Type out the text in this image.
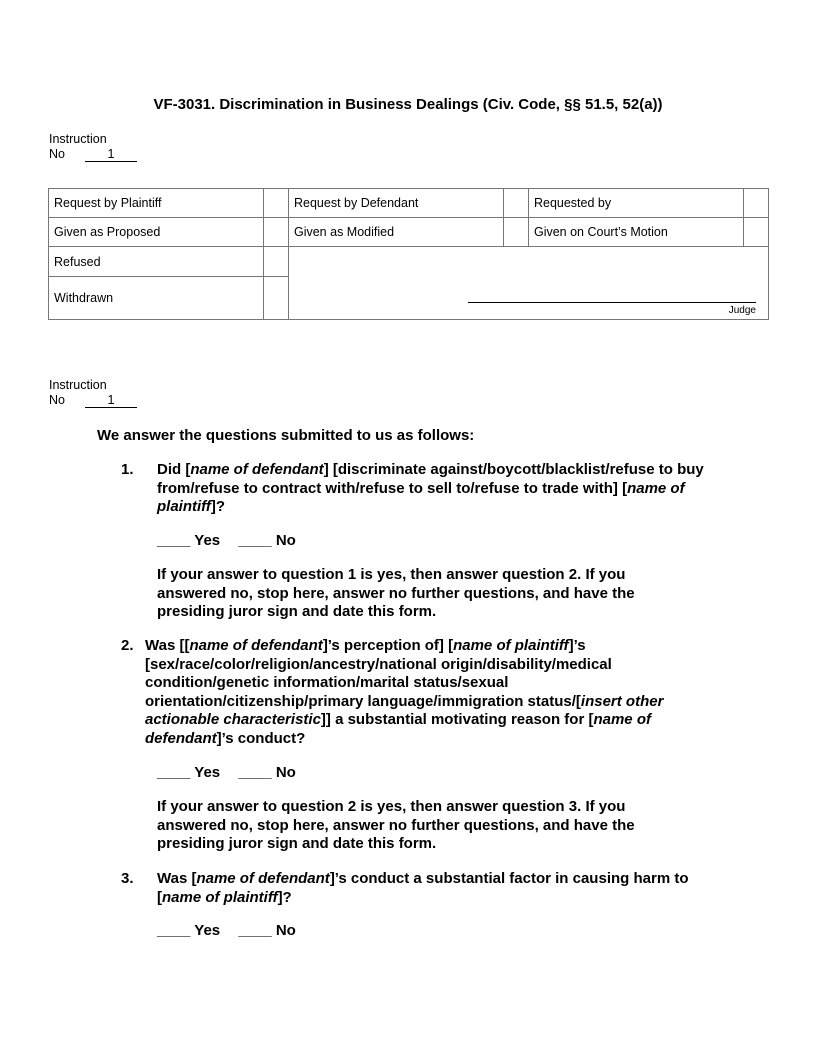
VF-3031. Discrimination in Business Dealings (Civ. Code, §§ 51.5, 52(a))
Instruction
No	1
Request by Plaintiff		Request by Defendant		Requested by	
Given as Proposed		Given as Modified		Given on Court’s Motion	
Refused		Judge			

Withdrawn					
Instruction
No	1
We answer the questions submitted to us as follows:
1. Did [name of defendant] [discriminate against/boycott/blacklist/refuse to buy from/refuse to contract with/refuse to sell to/refuse to trade with] [name of plaintiff]?
____ Yes ____ No
If your answer to question 1 is yes, then answer question 2. If you answered no, stop here, answer no further questions, and have the presiding juror sign and date this form.
2. Was [[name of defendant]’s perception of] [name of plaintiff]’s [sex/race/color/religion/ancestry/national origin/disability/medical condition/genetic information/marital status/sexual orientation/citizenship/primary language/immigration status/[insert other actionable characteristic]] a substantial motivating reason for [name of defendant]’s conduct?
____ Yes ____ No
If your answer to question 2 is yes, then answer question 3. If you answered no, stop here, answer no further questions, and have the presiding juror sign and date this form.
3. Was [name of defendant]’s conduct a substantial factor in causing harm to [name of plaintiff]?
____ Yes ____ No
